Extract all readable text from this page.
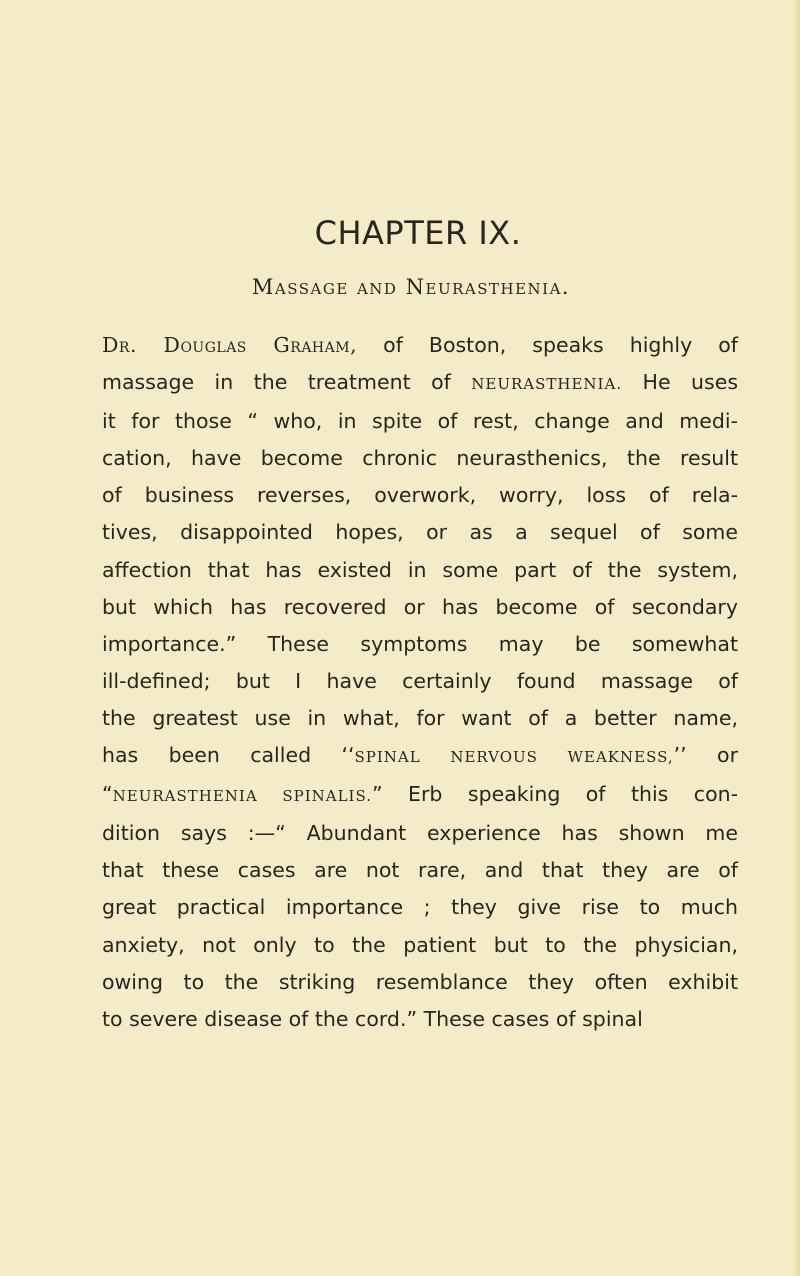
CHAPTER IX.
Massage and Neurasthenia.
Dr. Douglas Graham, of Boston, speaks highly of
massage in the treatment of NEURASTHENIA. He uses
it for those “ who, in spite of rest, change and medi-
cation, have become chronic neurasthenics, the result
of business reverses, overwork, worry, loss of rela-
tives, disappointed hopes, or as a sequel of some
affection that has existed in some part of the system,
but which has recovered or has become of secondary
importance.” These symptoms may be somewhat
ill-defined; but I have certainly found massage of
the greatest use in what, for want of a better name,
has been called ‘‘SPINAL NERVOUS WEAKNESS,’’ or
“NEURASTHENIA SPINALIS.” Erb speaking of this con-
dition says :—“ Abundant experience has shown me
that these cases are not rare, and that they are of
great practical importance ; they give rise to much
anxiety, not only to the patient but to the physician,
owing to the striking resemblance they often exhibit
to severe disease of the cord.” These cases of spinal
